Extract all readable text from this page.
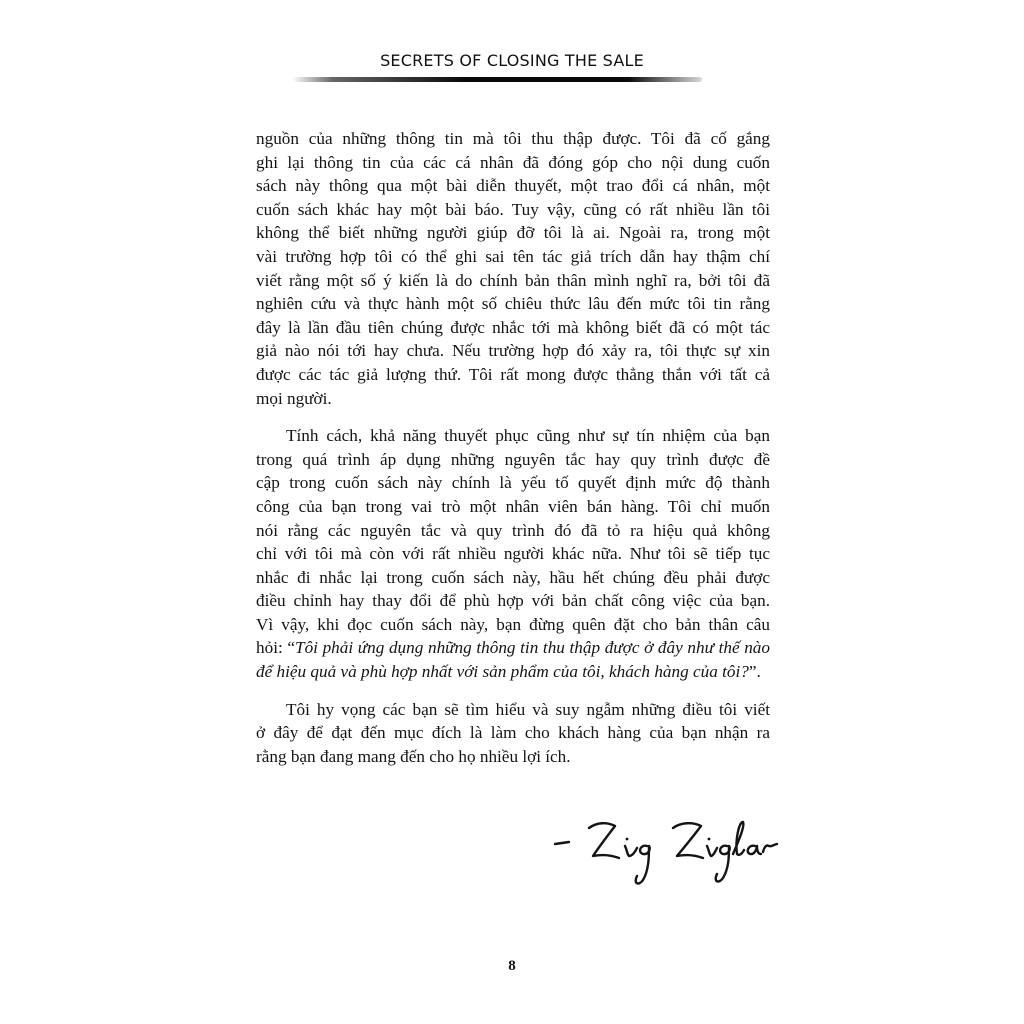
SECRETS OF CLOSING THE SALE
nguồn của những thông tin mà tôi thu thập được. Tôi đã cố gắng
ghi lại thông tin của các cá nhân đã đóng góp cho nội dung cuốn
sách này thông qua một bài diễn thuyết, một trao đổi cá nhân, một
cuốn sách khác hay một bài báo. Tuy vậy, cũng có rất nhiều lần tôi
không thể biết những người giúp đỡ tôi là ai. Ngoài ra, trong một
vài trường hợp tôi có thể ghi sai tên tác giả trích dẫn hay thậm chí
viết rằng một số ý kiến là do chính bản thân mình nghĩ ra, bởi tôi đã
nghiên cứu và thực hành một số chiêu thức lâu đến mức tôi tin rằng
đây là lần đầu tiên chúng được nhắc tới mà không biết đã có một tác
giả nào nói tới hay chưa. Nếu trường hợp đó xảy ra, tôi thực sự xin
được các tác giả lượng thứ. Tôi rất mong được thẳng thắn với tất cả
mọi người.
Tính cách, khả năng thuyết phục cũng như sự tín nhiệm của bạn
trong quá trình áp dụng những nguyên tắc hay quy trình được đề
cập trong cuốn sách này chính là yếu tố quyết định mức độ thành
công của bạn trong vai trò một nhân viên bán hàng. Tôi chỉ muốn
nói rằng các nguyên tắc và quy trình đó đã tỏ ra hiệu quả không
chỉ với tôi mà còn với rất nhiều người khác nữa. Như tôi sẽ tiếp tục
nhắc đi nhắc lại trong cuốn sách này, hầu hết chúng đều phải được
điều chỉnh hay thay đổi để phù hợp với bản chất công việc của bạn.
Vì vậy, khi đọc cuốn sách này, bạn đừng quên đặt cho bản thân câu
hỏi: “Tôi phải ứng dụng những thông tin thu thập được ở đây như thế nào
để hiệu quả và phù hợp nhất với sản phẩm của tôi, khách hàng của tôi?”.
Tôi hy vọng các bạn sẽ tìm hiểu và suy ngẫm những điều tôi viết
ở đây để đạt đến mục đích là làm cho khách hàng của bạn nhận ra
rằng bạn đang mang đến cho họ nhiều lợi ích.
8
